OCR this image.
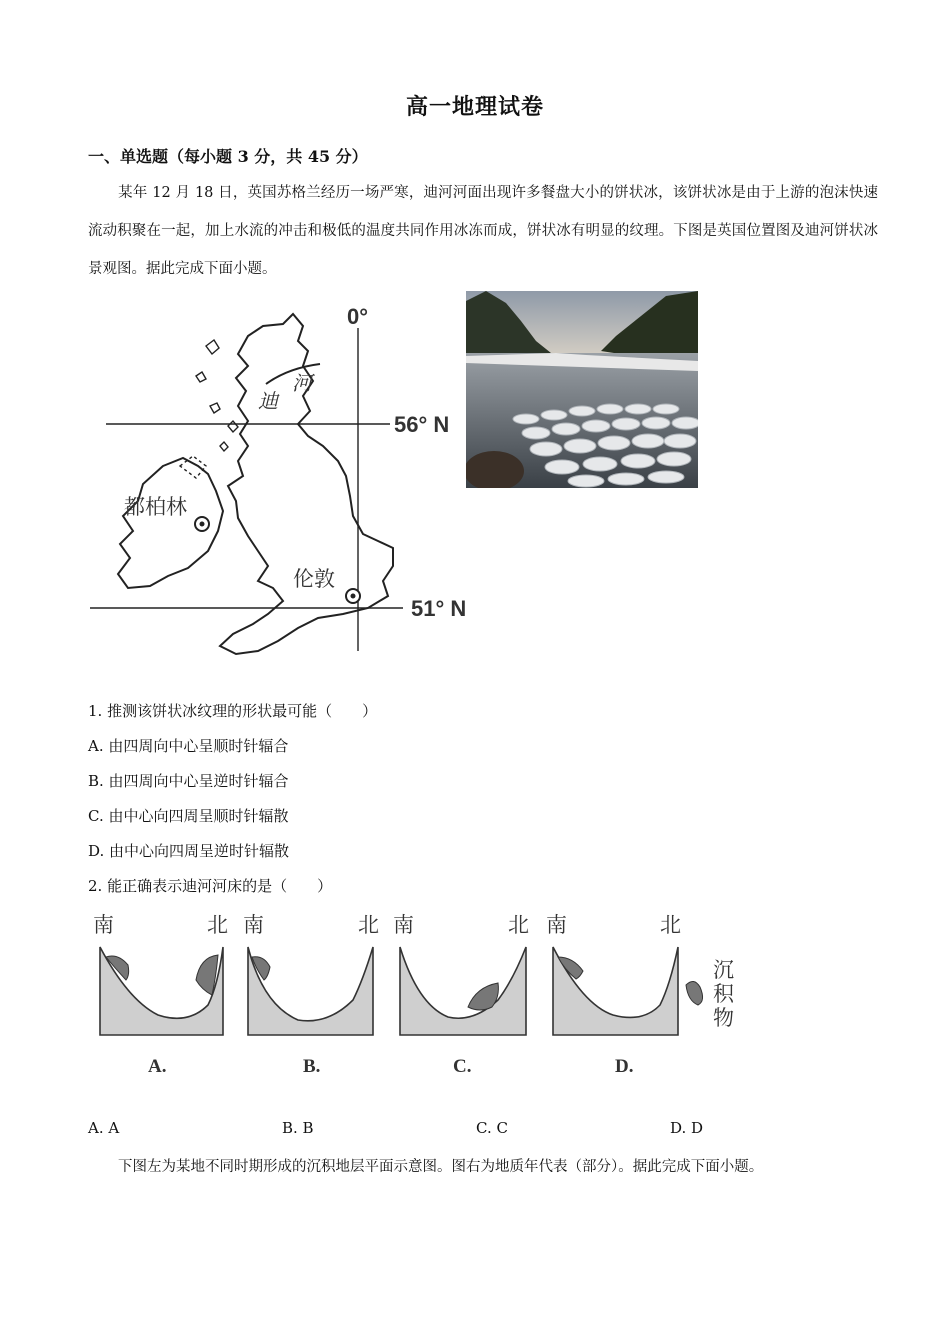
高一地理试卷
一、单选题（每小题 3 分，共 45 分）
某年 12 月 18 日，英国苏格兰经历一场严寒，迪河河面出现许多餐盘大小的饼状冰，该饼状冰是由于上游的泡沫快速流动积聚在一起，加上水流的冲击和极低的温度共同作用冰冻而成，饼状冰有明显的纹理。下图是英国位置图及迪河饼状冰景观图。据此完成下面小题。
0°
56° N
51° N
都柏林
伦敦
迪
河
1. 推测该饼状冰纹理的形状最可能（　　）
A. 由四周向中心呈顺时针辐合
B. 由四周向中心呈逆时针辐合
C. 由中心向四周呈顺时针辐散
D. 由中心向四周呈逆时针辐散
2. 能正确表示迪河河床的是（　　）
南	北 南	北 南	北 南	北
沉
积
物
A.	B.	C.	D.
A. A	B. B	C. C	D. D
下图左为某地不同时期形成的沉积地层平面示意图。图右为地质年代表（部分）。据此完成下面小题。
